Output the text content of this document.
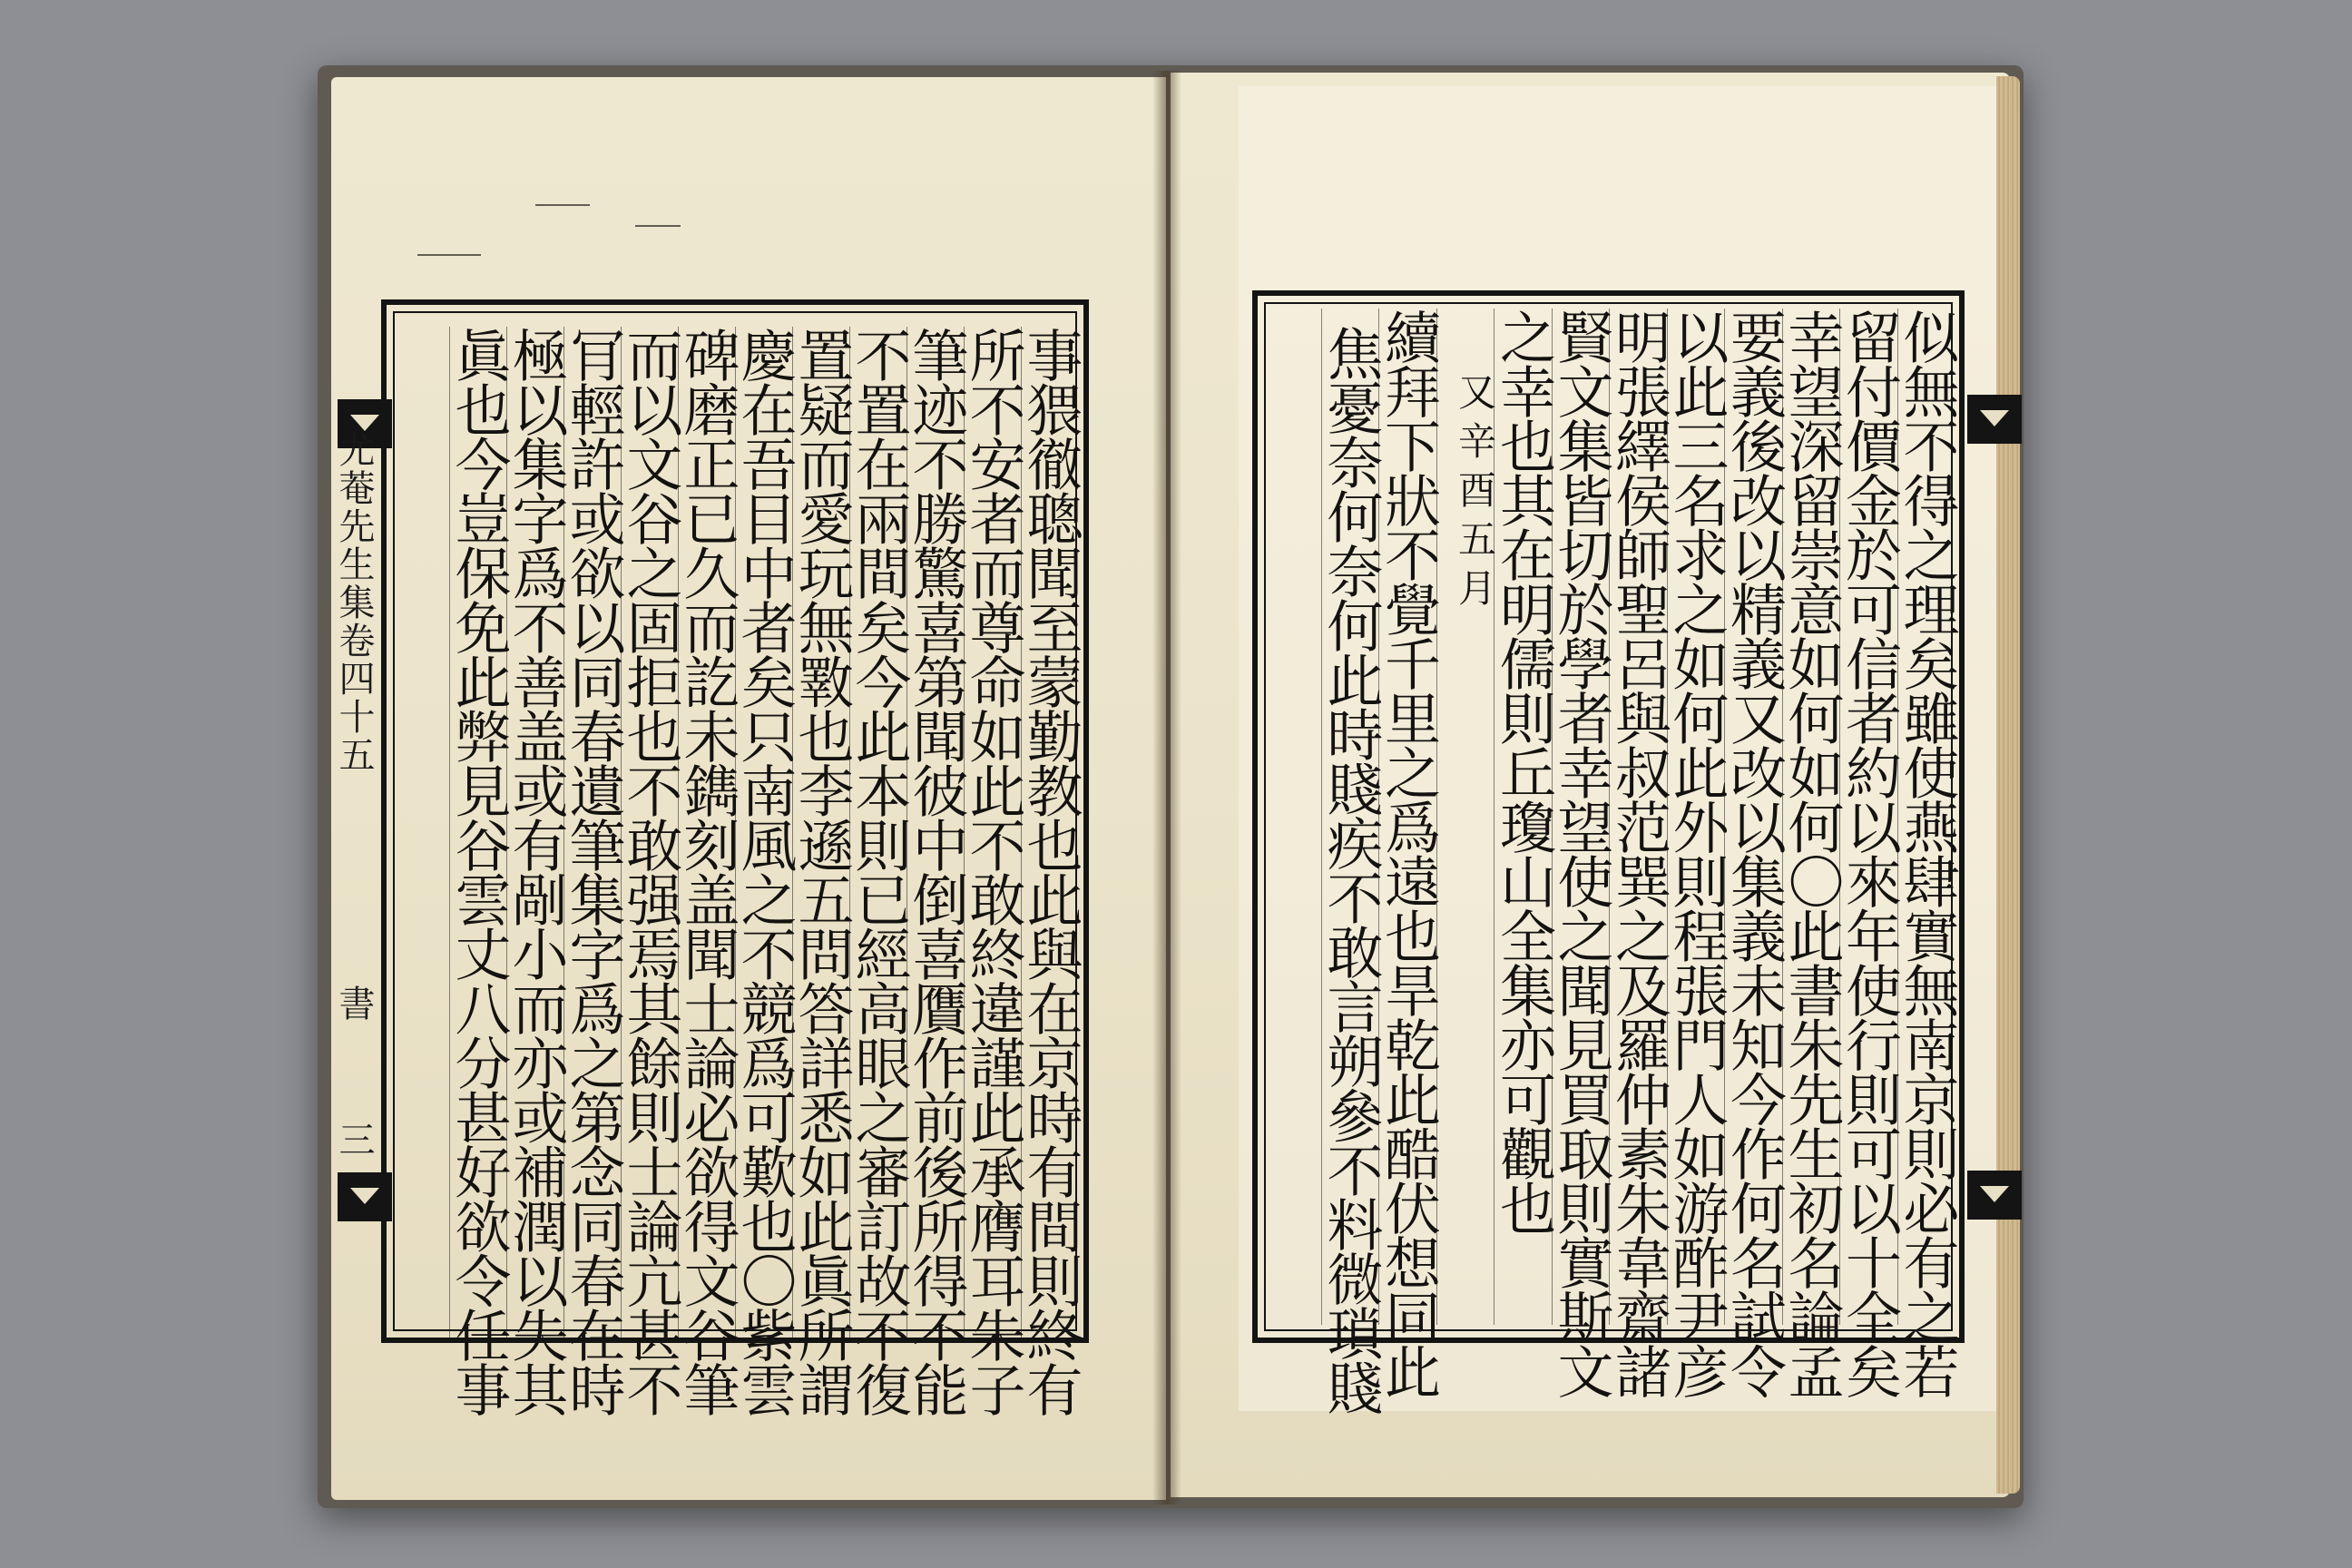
尤菴先生集卷四十五
書
三	事猥徹聰聞至蒙勤教也此與在京時有間則終有
所不安者而尊命如此不敢終違謹此承膺耳朱子
筆迹不勝驚喜第聞彼中倒喜贋作前後所得不能
不置在兩間矣今此本則已經高眼之審訂故不復
置疑而愛玩無斁也李遜五問答詳悉如此眞所謂
慶在吾目中者矣只南風之不競爲可歎也〇紫雲
碑磨正已久而訖未鐫刻盖聞士論必欲得文谷筆
而以文谷之固拒也不敢强焉其餘則士論亢甚不
肎輕許或欲以同春遺筆集字爲之第念同春在時
極以集字爲不善盖或有剮小而亦或補潤以失其
眞也今豈保免此弊見谷雲丈八分甚好欲令任事	似無不得之理矣雖使燕肆實無南京則必有之若
留付價金於可信者約以來年使行則可以十全矣
幸望深留崇意如何如何〇此書朱先生初名論孟
要義後改以精義又改以集義未知今作何名試令
以此三名求之如何此外則程張門人如游酢尹彦
明張繹侯師聖呂與叔范巽之及羅仲素朱韋齋諸
賢文集皆切於學者幸望使之聞見買取則實斯文
之幸也其在明儒則丘瓊山全集亦可觀也
又辛酉五月
續拜下狀不覺千里之爲遠也旱乾此酷伏想同此
焦憂奈何奈何此時賤疾不敢言朔參不料微瑣賤
